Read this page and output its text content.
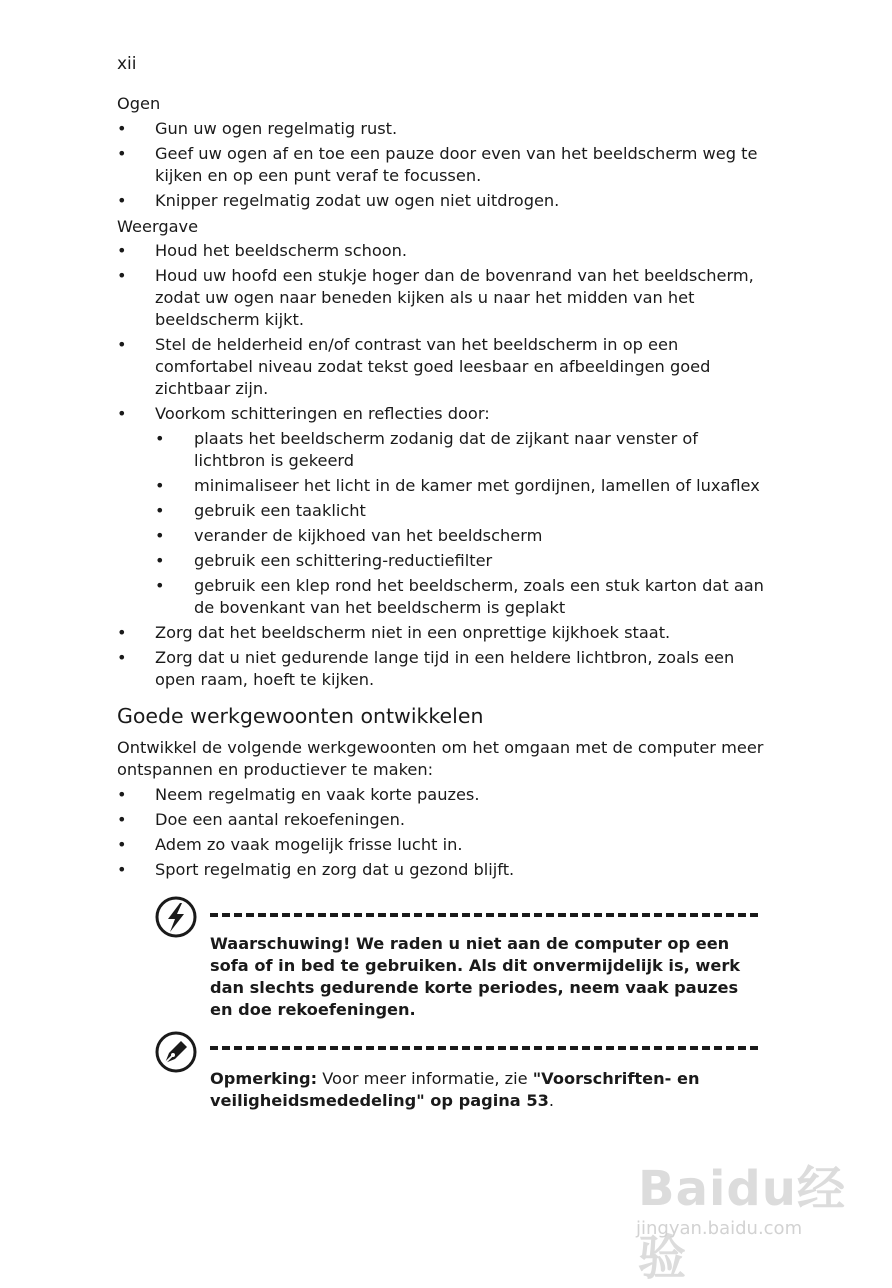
xii

Ogen

• Gun uw ogen regelmatig rust.
• Geef uw ogen af en toe een pauze door even van het beeldscherm weg te kijken en op een punt veraf te focussen.
• Knipper regelmatig zodat uw ogen niet uitdrogen.

Weergave

• Houd het beeldscherm schoon.
• Houd uw hoofd een stukje hoger dan de bovenrand van het beeldscherm, zodat uw ogen naar beneden kijken als u naar het midden van het beeldscherm kijkt.
• Stel de helderheid en/of contrast van het beeldscherm in op een comfortabel niveau zodat tekst goed leesbaar en afbeeldingen goed zichtbaar zijn.
• Voorkom schitteringen en reflecties door:
• plaats het beeldscherm zodanig dat de zijkant naar venster of lichtbron is gekeerd
• minimaliseer het licht in de kamer met gordijnen, lamellen of luxaflex
• gebruik een taaklicht
• verander de kijkhoed van het beeldscherm
• gebruik een schittering-reductiefilter
• gebruik een klep rond het beeldscherm, zoals een stuk karton dat aan de bovenkant van het beeldscherm is geplakt
• Zorg dat het beeldscherm niet in een onprettige kijkhoek staat.
• Zorg dat u niet gedurende lange tijd in een heldere lichtbron, zoals een open raam, hoeft te kijken.
Goede werkgewoonten ontwikkelen

Ontwikkel de volgende werkgewoonten om het omgaan met de computer meer ontspannen en productiever te maken:

• Neem regelmatig en vaak korte pauzes.
• Doe een aantal rekoefeningen.
• Adem zo vaak mogelijk frisse lucht in.
• Sport regelmatig en zorg dat u gezond blijft.
Waarschuwing! We raden u niet aan de computer op een sofa of in bed te gebruiken. Als dit onvermijdelijk is, werk dan slechts gedurende korte periodes, neem vaak pauzes en doe rekoefeningen.
Opmerking: Voor meer informatie, zie "Voorschriften- en veiligheidsmededeling" op pagina 53.
Baidu经验
jingyan.baidu.com
